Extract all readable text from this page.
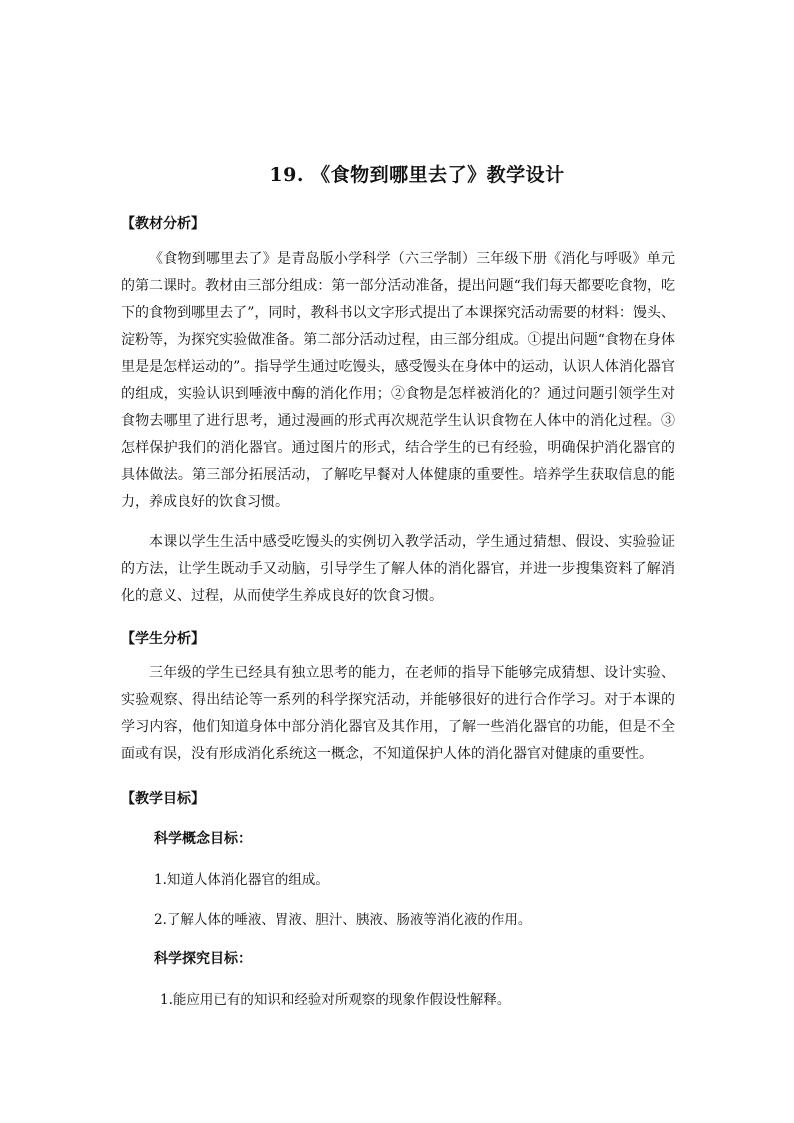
19. 《食物到哪里去了》教学设计
【教材分析】

《食物到哪里去了》是青岛版小学科学（六三学制）三年级下册《消化与呼吸》单元的第二课时。教材由三部分组成：第一部分活动准备，提出问题“我们每天都要吃食物，吃下的食物到哪里去了”，同时，教科书以文字形式提出了本课探究活动需要的材料：馒头、淀粉等，为探究实验做准备。第二部分活动过程，由三部分组成。①提出问题“食物在身体里是是怎样运动的”。指导学生通过吃馒头，感受馒头在身体中的运动，认识人体消化器官的组成，实验认识到唾液中酶的消化作用；②食物是怎样被消化的？通过问题引领学生对食物去哪里了进行思考，通过漫画的形式再次规范学生认识食物在人体中的消化过程。③怎样保护我们的消化器官。通过图片的形式，结合学生的已有经验，明确保护消化器官的具体做法。第三部分拓展活动，了解吃早餐对人体健康的重要性。培养学生获取信息的能力，养成良好的饮食习惯。

本课以学生生活中感受吃馒头的实例切入教学活动，学生通过猜想、假设、实验验证的方法，让学生既动手又动脑，引导学生了解人体的消化器官，并进一步搜集资料了解消化的意义、过程，从而使学生养成良好的饮食习惯。

【学生分析】

三年级的学生已经具有独立思考的能力，在老师的指导下能够完成猜想、设计实验、实验观察、得出结论等一系列的科学探究活动，并能够很好的进行合作学习。对于本课的学习内容，他们知道身体中部分消化器官及其作用，了解一些消化器官的功能，但是不全面或有误，没有形成消化系统这一概念，不知道保护人体的消化器官对健康的重要性。

【教学目标】
科学概念目标：
1.知道人体消化器官的组成。
2.了解人体的唾液、胃液、胆汁、胰液、肠液等消化液的作用。
科学探究目标：
1.能应用已有的知识和经验对所观察的现象作假设性解释。
